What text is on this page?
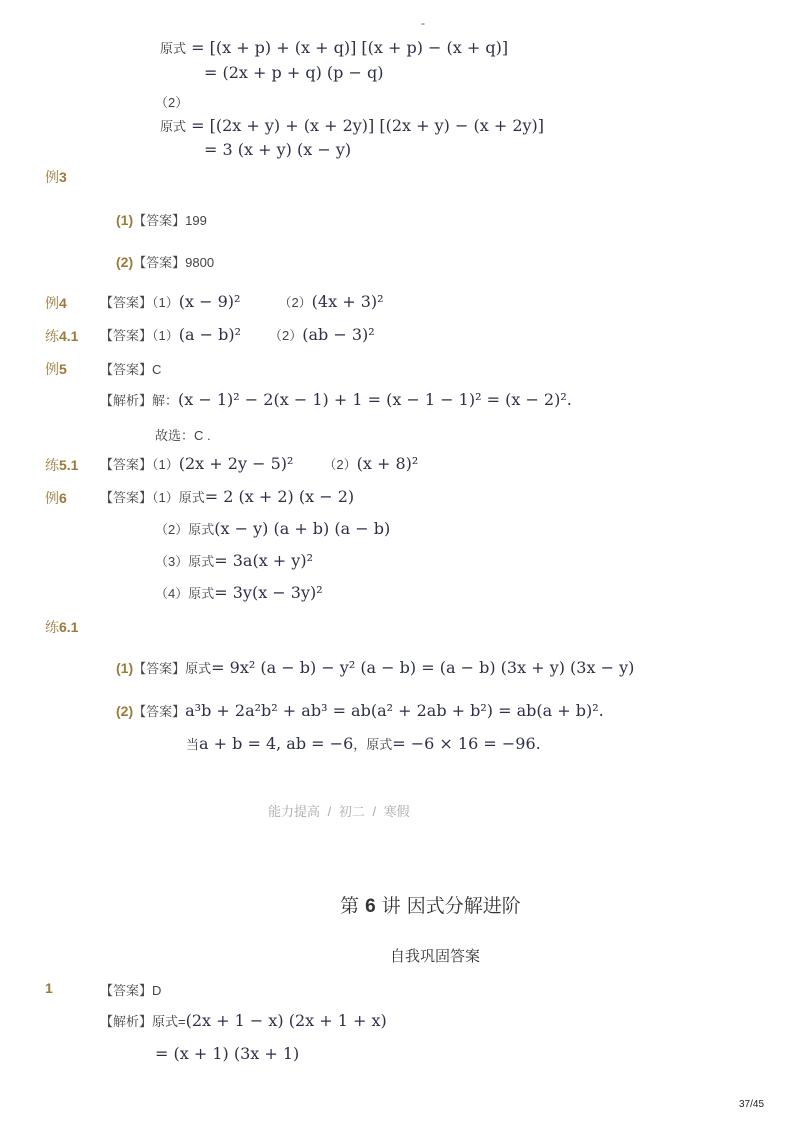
-
原式 = [(x + p) + (x + q)] [(x + p) − (x + q)]
= (2x + p + q) (p − q)
（2）
原式 = [(2x + y) + (x + 2y)] [(2x + y) − (x + 2y)]
= 3 (x + y) (x − y)
例3
(1)【答案】199
(2)【答案】9800
例4	【答案】（1）(x − 9)²	（2）(4x + 3)²
练4.1 【答案】（1）(a − b)² （2）(ab − 3)²
例5	【答案】C
【解析】解：(x − 1)² − 2(x − 1) + 1 = (x − 1 − 1)² = (x − 2)².
故选：C .
练5.1 【答案】（1）(2x + 2y − 5)² （2）(x + 8)²
例6	【答案】（1）原式= 2 (x + 2) (x − 2)
（2）原式(x − y) (a + b) (a − b)
（3）原式= 3a(x + y)²
（4）原式= 3y(x − 3y)²
练6.1
(1)【答案】原式= 9x² (a − b) − y² (a − b) = (a − b) (3x + y) (3x − y)
(2)【答案】a³b + 2a²b² + ab³ = ab(a² + 2ab + b²) = ab(a + b)².
当a + b = 4, ab = −6，原式= −6 × 16 = −96.
能力提高 / 初二 / 寒假
第 6 讲 因式分解进阶
自我巩固答案
1	【答案】D
【解析】原式=(2x + 1 − x) (2x + 1 + x)
= (x + 1) (3x + 1)
37/45
